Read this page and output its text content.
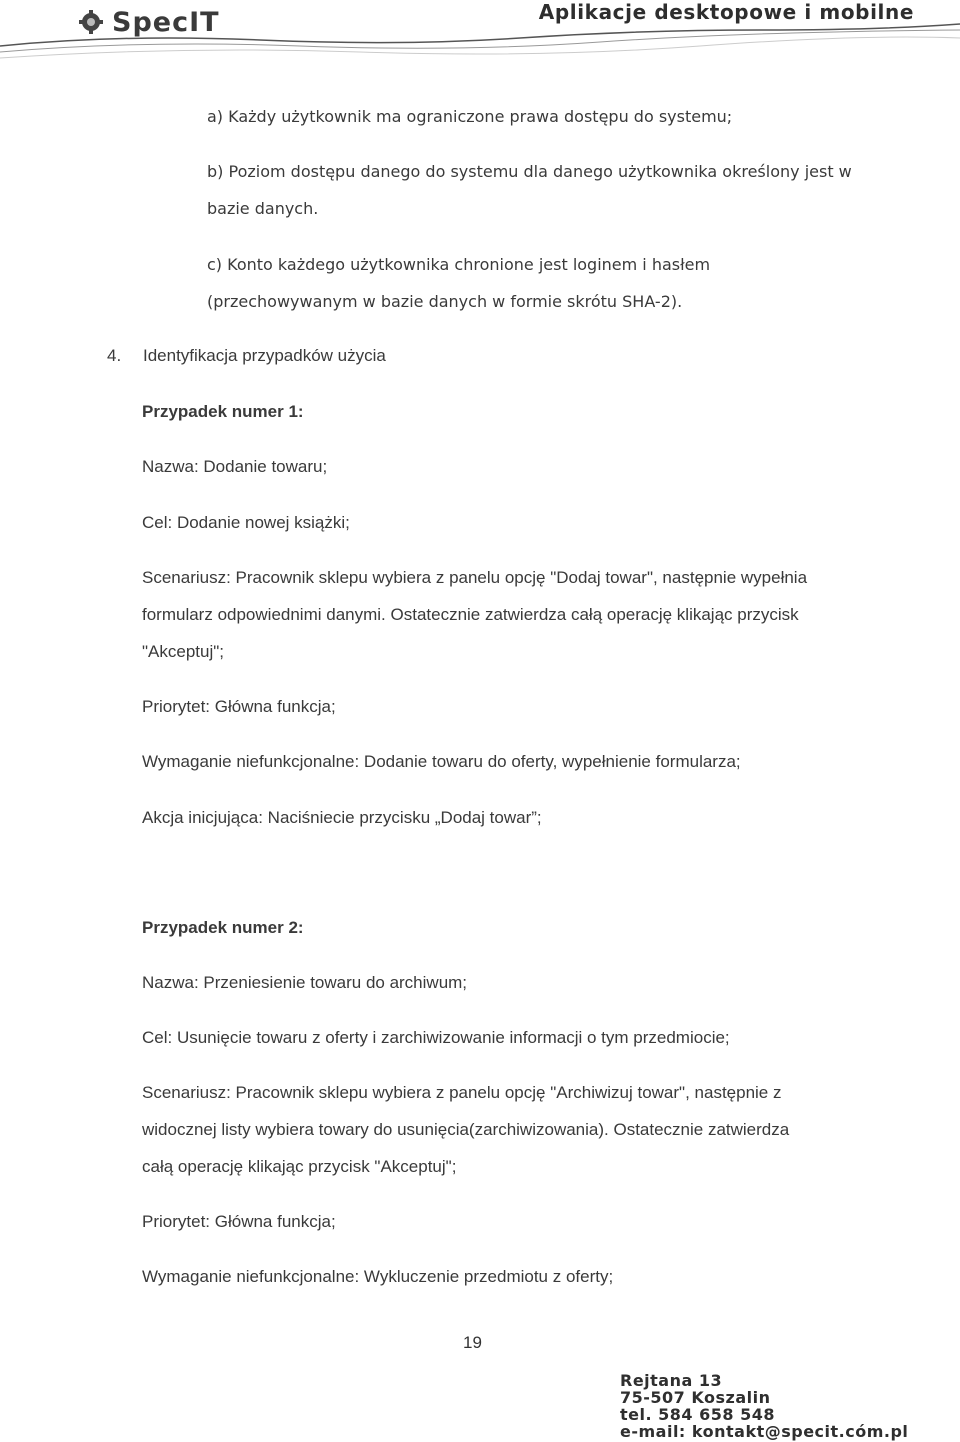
SpecIT	Aplikacje desktopowe i mobilne
a) Każdy użytkownik ma ograniczone prawa dostępu do systemu;
b) Poziom dostępu danego do systemu dla danego użytkownika określony jest w
bazie danych.
c) Konto każdego użytkownika chronione jest loginem i hasłem
(przechowywanym w bazie danych w formie skrótu SHA-2).
4. Identyfikacja przypadków użycia
Przypadek numer 1:
Nazwa: Dodanie towaru;
Cel: Dodanie nowej książki;
Scenariusz: Pracownik sklepu wybiera z panelu opcję "Dodaj towar", następnie wypełnia
formularz odpowiednimi danymi. Ostatecznie zatwierdza całą operację klikając przycisk
"Akceptuj";
Priorytet: Główna funkcja;
Wymaganie niefunkcjonalne: Dodanie towaru do oferty, wypełnienie formularza;
Akcja inicjująca: Naciśniecie przycisku „Dodaj towar”;
Przypadek numer 2:
Nazwa: Przeniesienie towaru do archiwum;
Cel: Usunięcie towaru z oferty i zarchiwizowanie informacji o tym przedmiocie;
Scenariusz: Pracownik sklepu wybiera z panelu opcję "Archiwizuj towar", następnie z
widocznej listy wybiera towary do usunięcia(zarchiwizowania). Ostatecznie zatwierdza
całą operację klikając przycisk "Akceptuj";
Priorytet: Główna funkcja;
Wymaganie niefunkcjonalne: Wykluczenie przedmiotu z oferty;
19
Rejtana 13
75-507 Koszalin
tel. 584 658 548
e-mail: kontakt@specit.cóm.pl
